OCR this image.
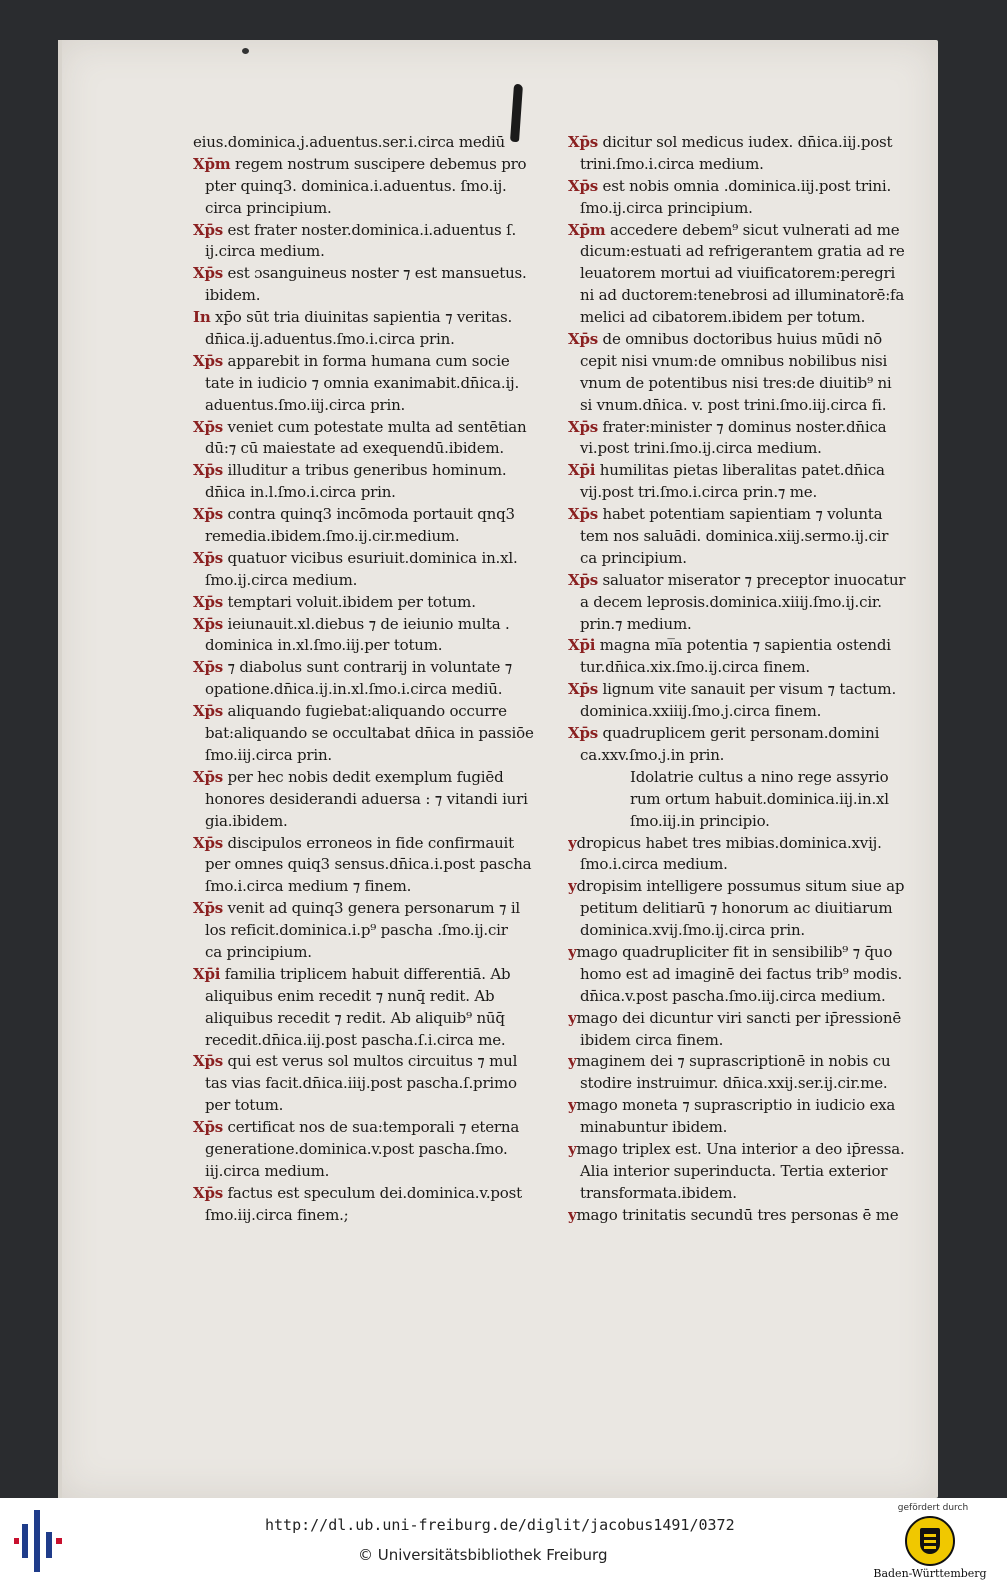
eius.dominica.j.aduentus.ser.i.circa mediū
Xp̄m regem nostrum suscipere debemus pro
pter quinq3. dominica.i.aduentus. ſmo.ij.
circa principium.
Xp̄s est frater noster.dominica.i.aduentus ſ.
ij.circa medium.
Xp̄s est ɔsanguineus noster ⁊ est mansuetus.
ibidem.
In xp̄o sūt tria diuinitas sapientia ⁊ veritas.
dn̄ica.ij.aduentus.ſmo.i.circa prin.
Xp̄s apparebit in forma humana cum socie
tate in iudicio ⁊ omnia exanimabit.dn̄ica.ij.
aduentus.ſmo.iij.circa prin.
Xp̄s veniet cum potestate multa ad sentētian
dū:⁊ cū maiestate ad exequendū.ibidem.
Xp̄s illuditur a tribus generibus hominum.
dn̄ica in.l.ſmo.i.circa prin.
Xp̄s contra quinq3 incōmoda portauit qnq3
remedia.ibidem.ſmo.ij.cir.medium.
Xp̄s quatuor vicibus esuriuit.dominica in.xl.
ſmo.ij.circa medium.
Xp̄s temptari voluit.ibidem per totum.
Xp̄s ieiunauit.xl.diebus ⁊ de ieiunio multa .
dominica in.xl.ſmo.iij.per totum.
Xp̄s ⁊ diabolus sunt contrarij in voluntate ⁊
opatione.dn̄ica.ij.in.xl.ſmo.i.circa mediū.
Xp̄s aliquando fugiebat:aliquando occurre
bat:aliquando se occultabat dn̄ica in passiōe
ſmo.iij.circa prin.
Xp̄s per hec nobis dedit exemplum fugiēd
honores desiderandi aduersa : ⁊ vitandi iuri
gia.ibidem.
Xp̄s discipulos erroneos in fide confirmauit
per omnes quiq3 sensus.dn̄ica.i.post pascha
ſmo.i.circa medium ⁊ finem.
Xp̄s venit ad quinq3 genera personarum ⁊ il
los reficit.dominica.i.p⁹ pascha .ſmo.ij.cir
ca principium.
Xp̄i familia triplicem habuit differentiā. Ab
aliquibus enim recedit ⁊ nunq̄ redit. Ab
aliquibus recedit ⁊ redit. Ab aliquib⁹ nūq̄
recedit.dn̄ica.iij.post pascha.ſ.i.circa me.
Xp̄s qui est verus sol multos circuitus ⁊ mul
tas vias facit.dn̄ica.iiij.post pascha.ſ.primo
per totum.
Xp̄s certificat nos de sua:temporali ⁊ eterna
generatione.dominica.v.post pascha.ſmo.
iij.circa medium.
Xp̄s factus est speculum dei.dominica.v.post
ſmo.iij.circa finem.;
Xp̄s dicitur sol medicus iudex. dn̄ica.iij.post
trini.ſmo.i.circa medium.
Xp̄s est nobis omnia .dominica.iij.post trini.
ſmo.ij.circa principium.
Xp̄m accedere debem⁹ sicut vulnerati ad me
dicum:estuati ad refrigerantem gratia ad re
leuatorem mortui ad viuificatorem:peregri
ni ad ductorem:tenebrosi ad illuminatorē:fa
melici ad cibatorem.ibidem per totum.
Xp̄s de omnibus doctoribus huius mūdi nō
cepit nisi vnum:de omnibus nobilibus nisi
vnum de potentibus nisi tres:de diuitib⁹ ni
si vnum.dn̄ica. v. post trini.ſmo.iij.circa fi.
Xp̄s frater:minister ⁊ dominus noster.dn̄ica
vi.post trini.ſmo.ij.circa medium.
Xp̄i humilitas pietas liberalitas patet.dn̄ica
vij.post tri.ſmo.i.circa prin.⁊ me.
Xp̄s habet potentiam sapientiam ⁊ volunta
tem nos saluādi. dominica.xiij.sermo.ij.cir
ca principium.
Xp̄s saluator miserator ⁊ preceptor inuocatur
a decem leprosis.dominica.xiiij.ſmo.ij.cir.
prin.⁊ medium.
Xp̄i magna mi̅a potentia ⁊ sapientia ostendi
tur.dn̄ica.xix.ſmo.ij.circa finem.
Xp̄s lignum vite sanauit per visum ⁊ tactum.
dominica.xxiiij.ſmo.j.circa finem.
Xp̄s quadruplicem gerit personam.domini
ca.xxv.ſmo.j.in prin.
Idolatrie cultus a nino rege assyrio
rum ortum habuit.dominica.iij.in.xl
ſmo.iij.in principio.
ydropicus habet tres mibias.dominica.xvij.
ſmo.i.circa medium.
ydropisim intelligere possumus situm siue ap
petitum delitiarū ⁊ honorum ac diuitiarum
dominica.xvij.ſmo.ij.circa prin.
ymago quadrupliciter fit in sensibilib⁹ ⁊ q̄uo
homo est ad imaginē dei factus trib⁹ modis.
dn̄ica.v.post pascha.ſmo.iij.circa medium.
ymago dei dicuntur viri sancti per ip̄ressionē
ibidem circa finem.
ymaginem dei ⁊ suprascriptionē in nobis cu
stodire instruimur. dn̄ica.xxij.ser.ij.cir.me.
ymago moneta ⁊ suprascriptio in iudicio exa
minabuntur ibidem.
ymago triplex est. Una interior a deo ip̄ressa.
Alia interior superinducta. Tertia exterior
transformata.ibidem.
ymago trinitatis secundū tres personas ē me
http://dl.ub.uni-freiburg.de/diglit/jacobus1491/0372
© Universitätsbibliothek Freiburg
gefördert durch
Baden-Württemberg
